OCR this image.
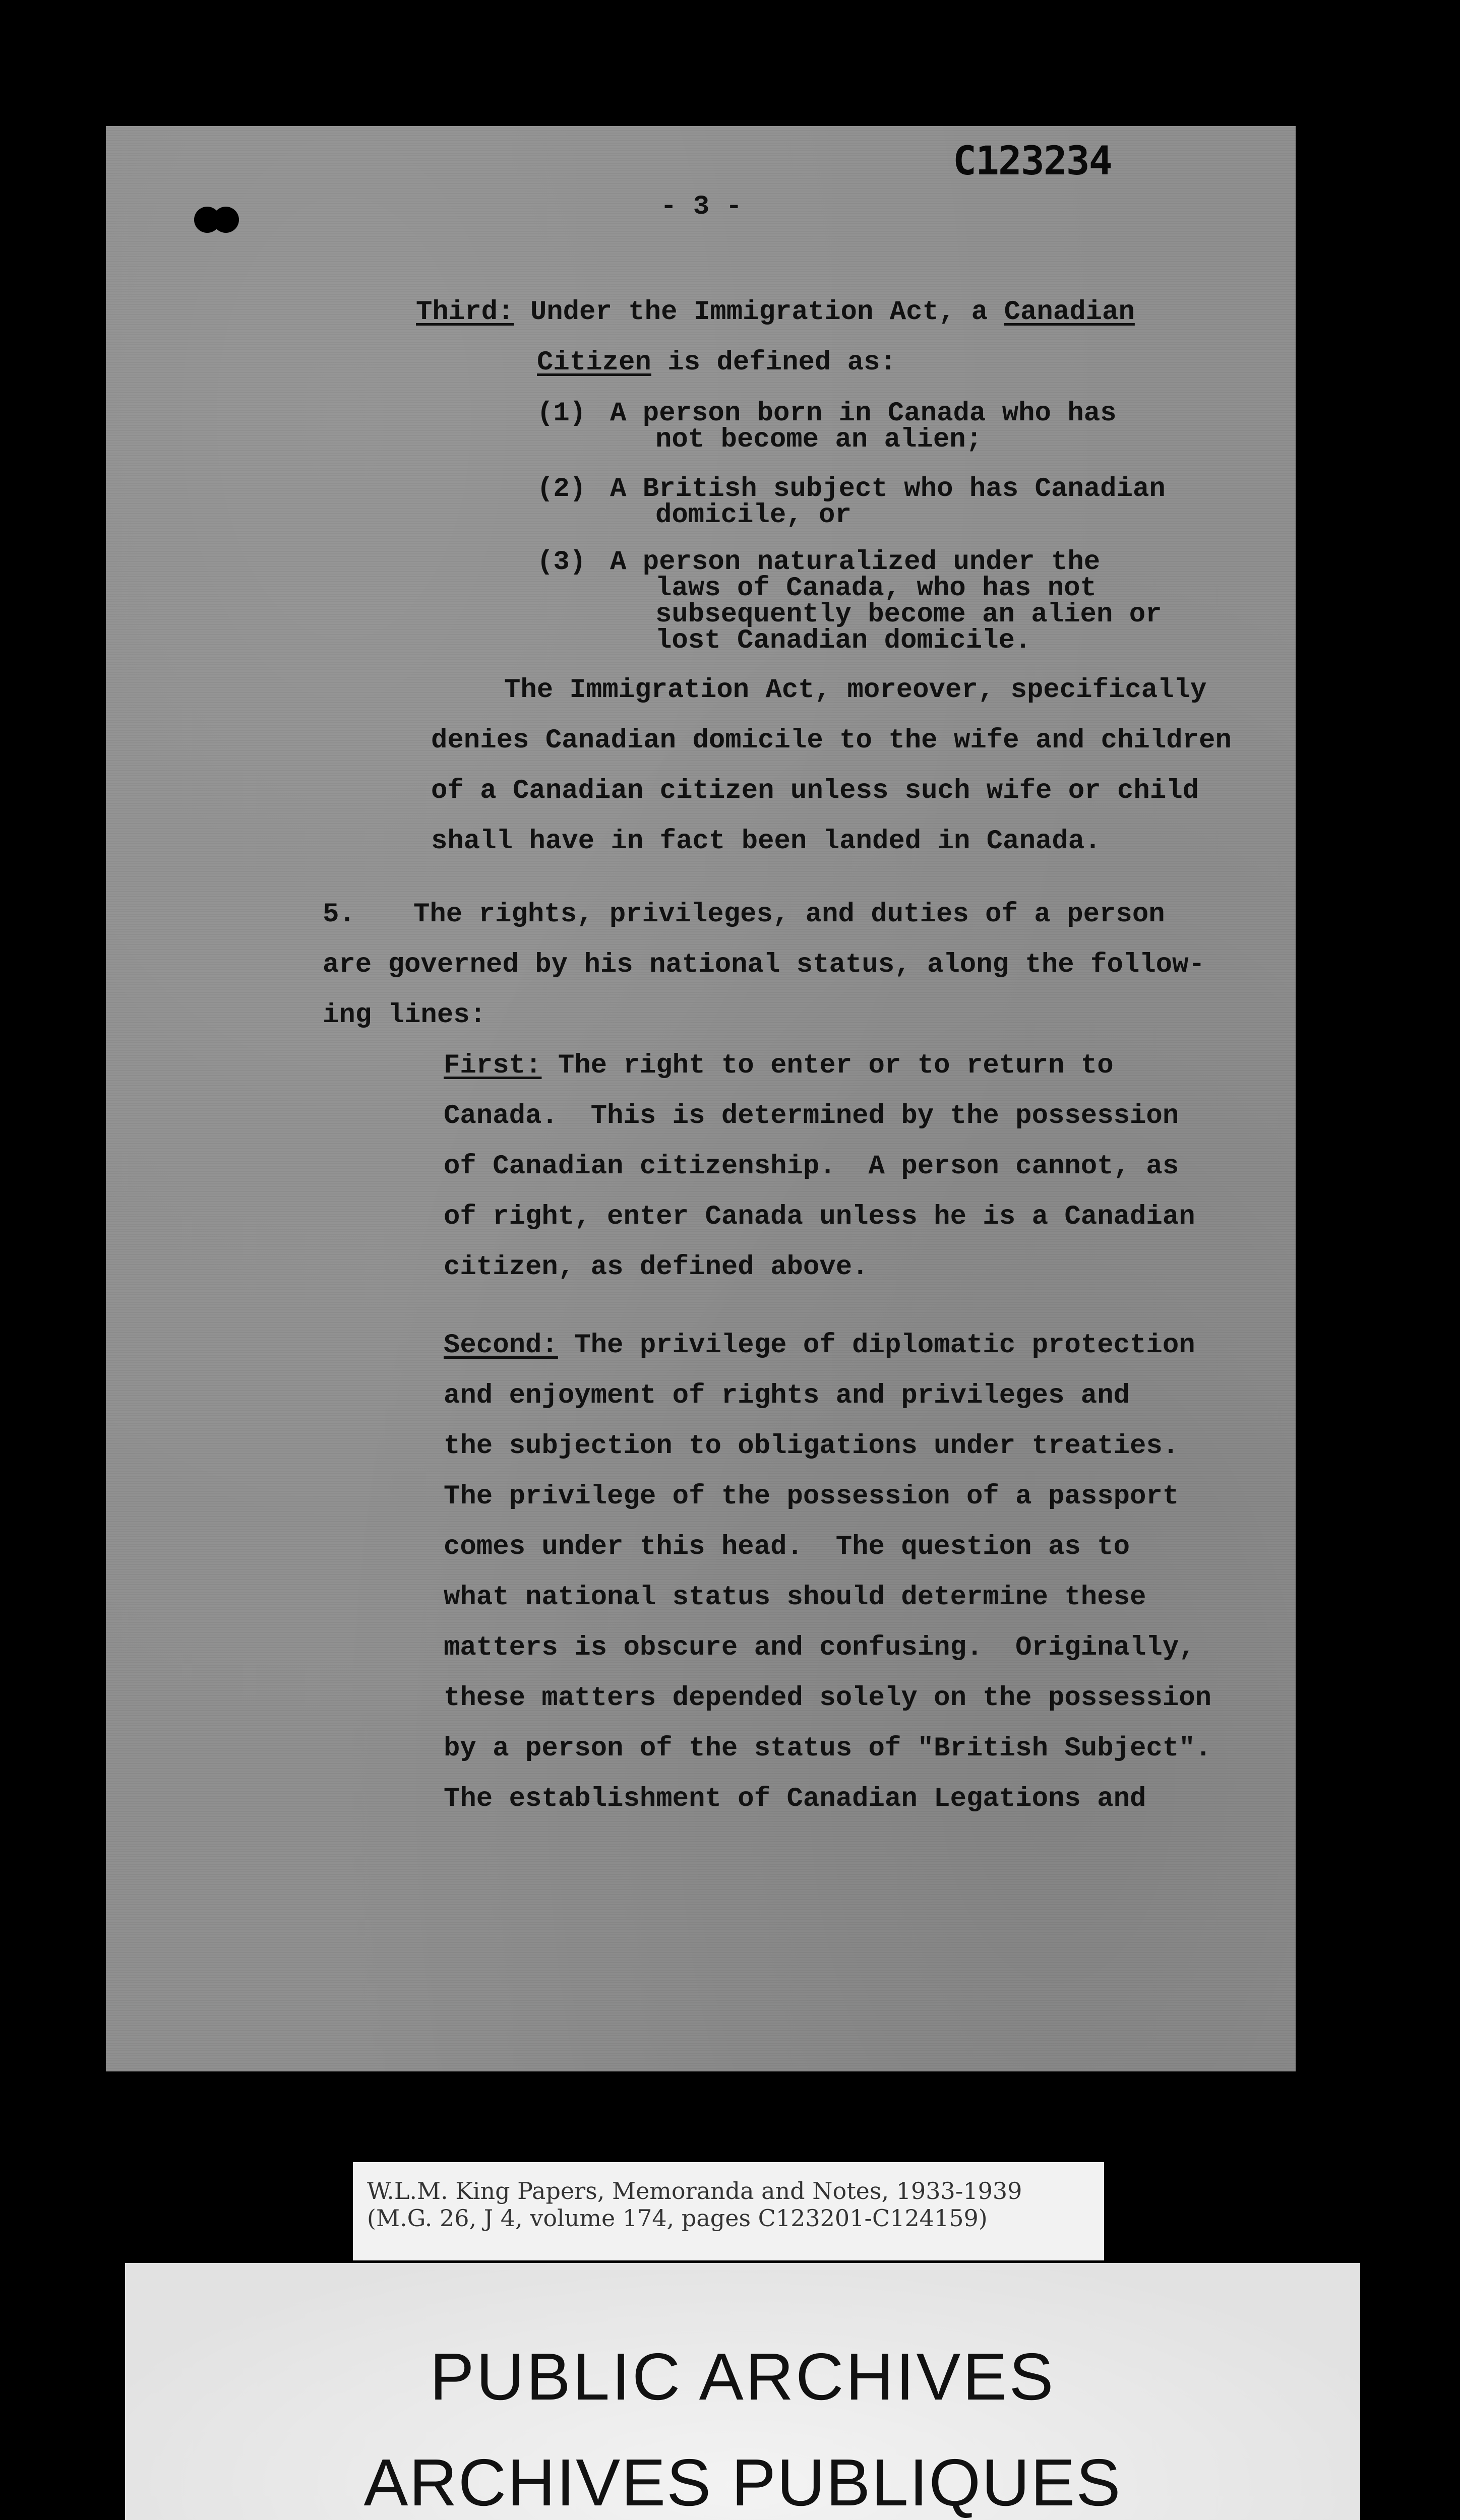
C123234
- 3 -
Third: Under the Immigration Act, a Canadian
Citizen is defined as:
(1) A person born in Canada who has
not become an alien;
(2) A British subject who has Canadian
domicile, or
(3) A person naturalized under the
laws of Canada, who has not
subsequently become an alien or
lost Canadian domicile.
The Immigration Act, moreover, specifically
denies Canadian domicile to the wife and children
of a Canadian citizen unless such wife or child
shall have in fact been landed in Canada.
5. The rights, privileges, and duties of a person
are governed by his national status, along the follow-
ing lines:
First: The right to enter or to return to
Canada.  This is determined by the possession
of Canadian citizenship.  A person cannot, as
of right, enter Canada unless he is a Canadian
citizen, as defined above.
Second: The privilege of diplomatic protection
and enjoyment of rights and privileges and
the subjection to obligations under treaties.
The privilege of the possession of a passport
comes under this head.  The question as to
what national status should determine these
matters is obscure and confusing.  Originally,
these matters depended solely on the possession
by a person of the status of "British Subject".
The establishment of Canadian Legations and
W.L.M. King Papers, Memoranda and Notes, 1933-1939
(M.G. 26, J 4, volume 174, pages C123201-C124159)
PUBLIC ARCHIVES
ARCHIVES PUBLIQUES
